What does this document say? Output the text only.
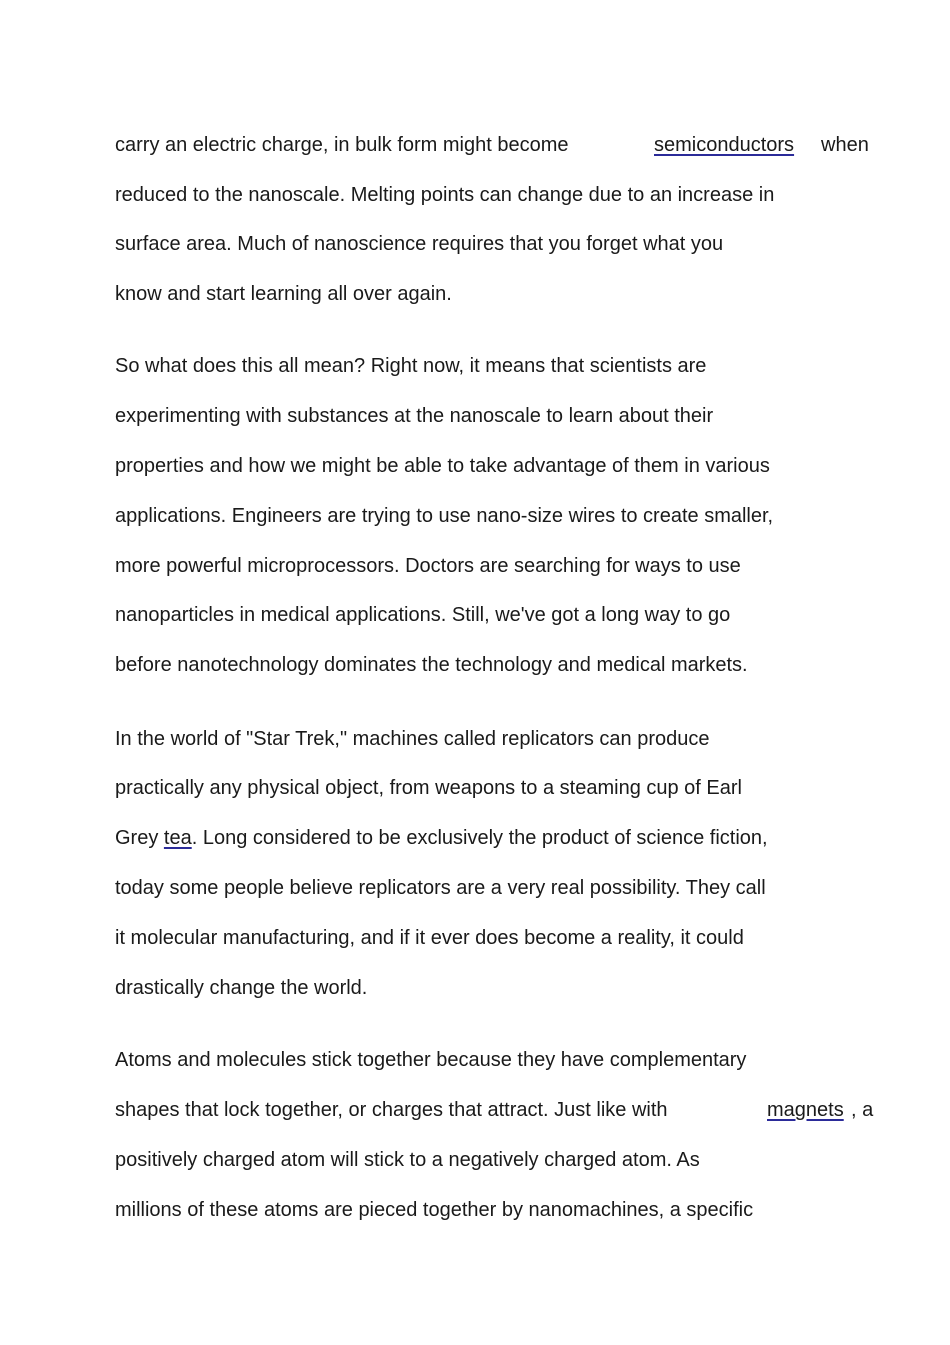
carry an electric charge, in bulk form might become	semiconductors when
reduced to the nanoscale. Melting points can change due to an increase in
surface area. Much of nanoscience requires that you forget what you
know and start learning all over again.
So what does this all mean? Right now, it means that scientists are
experimenting with substances at the nanoscale to learn about their
properties and how we might be able to take advantage of them in various
applications. Engineers are trying to use nano-size wires to create smaller,
more powerful microprocessors. Doctors are searching for ways to use
nanoparticles in medical applications. Still, we've got a long way to go
before nanotechnology dominates the technology and medical markets.
In the world of "Star Trek," machines called replicators can produce
practically any physical object, from weapons to a steaming cup of Earl
Grey tea. Long considered to be exclusively the product of science fiction,
today some people believe replicators are a very real possibility. They call
it molecular manufacturing, and if it ever does become a reality, it could
drastically change the world.
Atoms and molecules stick together because they have complementary
shapes that lock together, or charges that attract. Just like with	magnets , a
positively charged atom will stick to a negatively charged atom. As
millions of these atoms are pieced together by nanomachines, a specific
